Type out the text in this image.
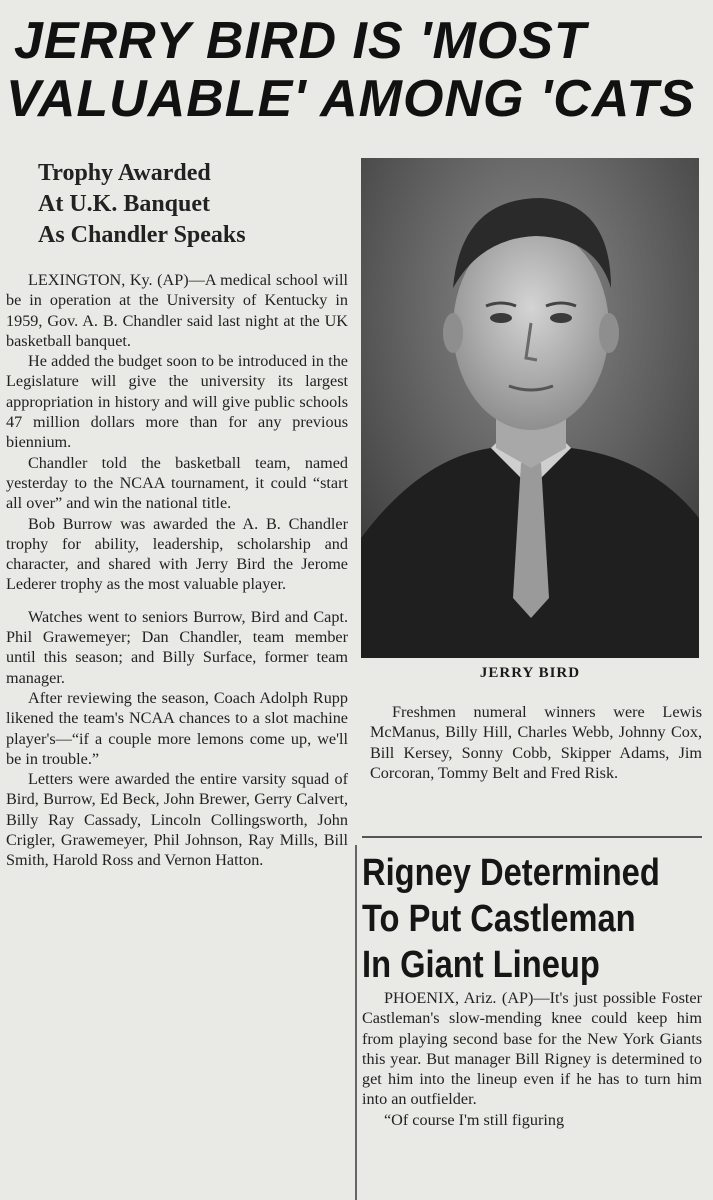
JERRY BIRD IS 'MOST
VALUABLE' AMONG 'CATS
Trophy Awarded
At U.K. Banquet
As Chandler Speaks

LEXINGTON, Ky. (AP)—A medical school will be in operation at the University of Kentucky in 1959, Gov. A. B. Chandler said last night at the UK basketball banquet.

He added the budget soon to be introduced in the Legislature will give the university its largest appropriation in history and will give public schools 47 million dollars more than for any previous biennium.

Chandler told the basketball team, named yesterday to the NCAA tournament, it could “start all over” and win the national title.

Bob Burrow was awarded the A. B. Chandler trophy for ability, leadership, scholarship and character, and shared with Jerry Bird the Jerome Lederer trophy as the most valuable player.

Watches went to seniors Burrow, Bird and Capt. Phil Grawemeyer; Dan Chandler, team member until this season; and Billy Surface, former team manager.

After reviewing the season, Coach Adolph Rupp likened the team's NCAA chances to a slot machine player's—“if a couple more lemons come up, we'll be in trouble.”

Letters were awarded the entire varsity squad of Bird, Burrow, Ed Beck, John Brewer, Gerry Calvert, Billy Ray Cassady, Lincoln Collingsworth, John Crigler, Grawemeyer, Phil Johnson, Ray Mills, Bill Smith, Harold Ross and Vernon Hatton.

JERRY BIRD

Freshmen numeral winners were Lewis McManus, Billy Hill, Charles Webb, Johnny Cox, Bill Kersey, Sonny Cobb, Skipper Adams, Jim Corcoran, Tommy Belt and Fred Risk.

Rigney Determined
To Put Castleman
In Giant Lineup

PHOENIX, Ariz. (AP)—It's just possible Foster Castleman's slow-mending knee could keep him from playing second base for the New York Giants this year. But manager Bill Rigney is determined to get him into the lineup even if he has to turn him into an outfielder.

“Of course I'm still figuring
